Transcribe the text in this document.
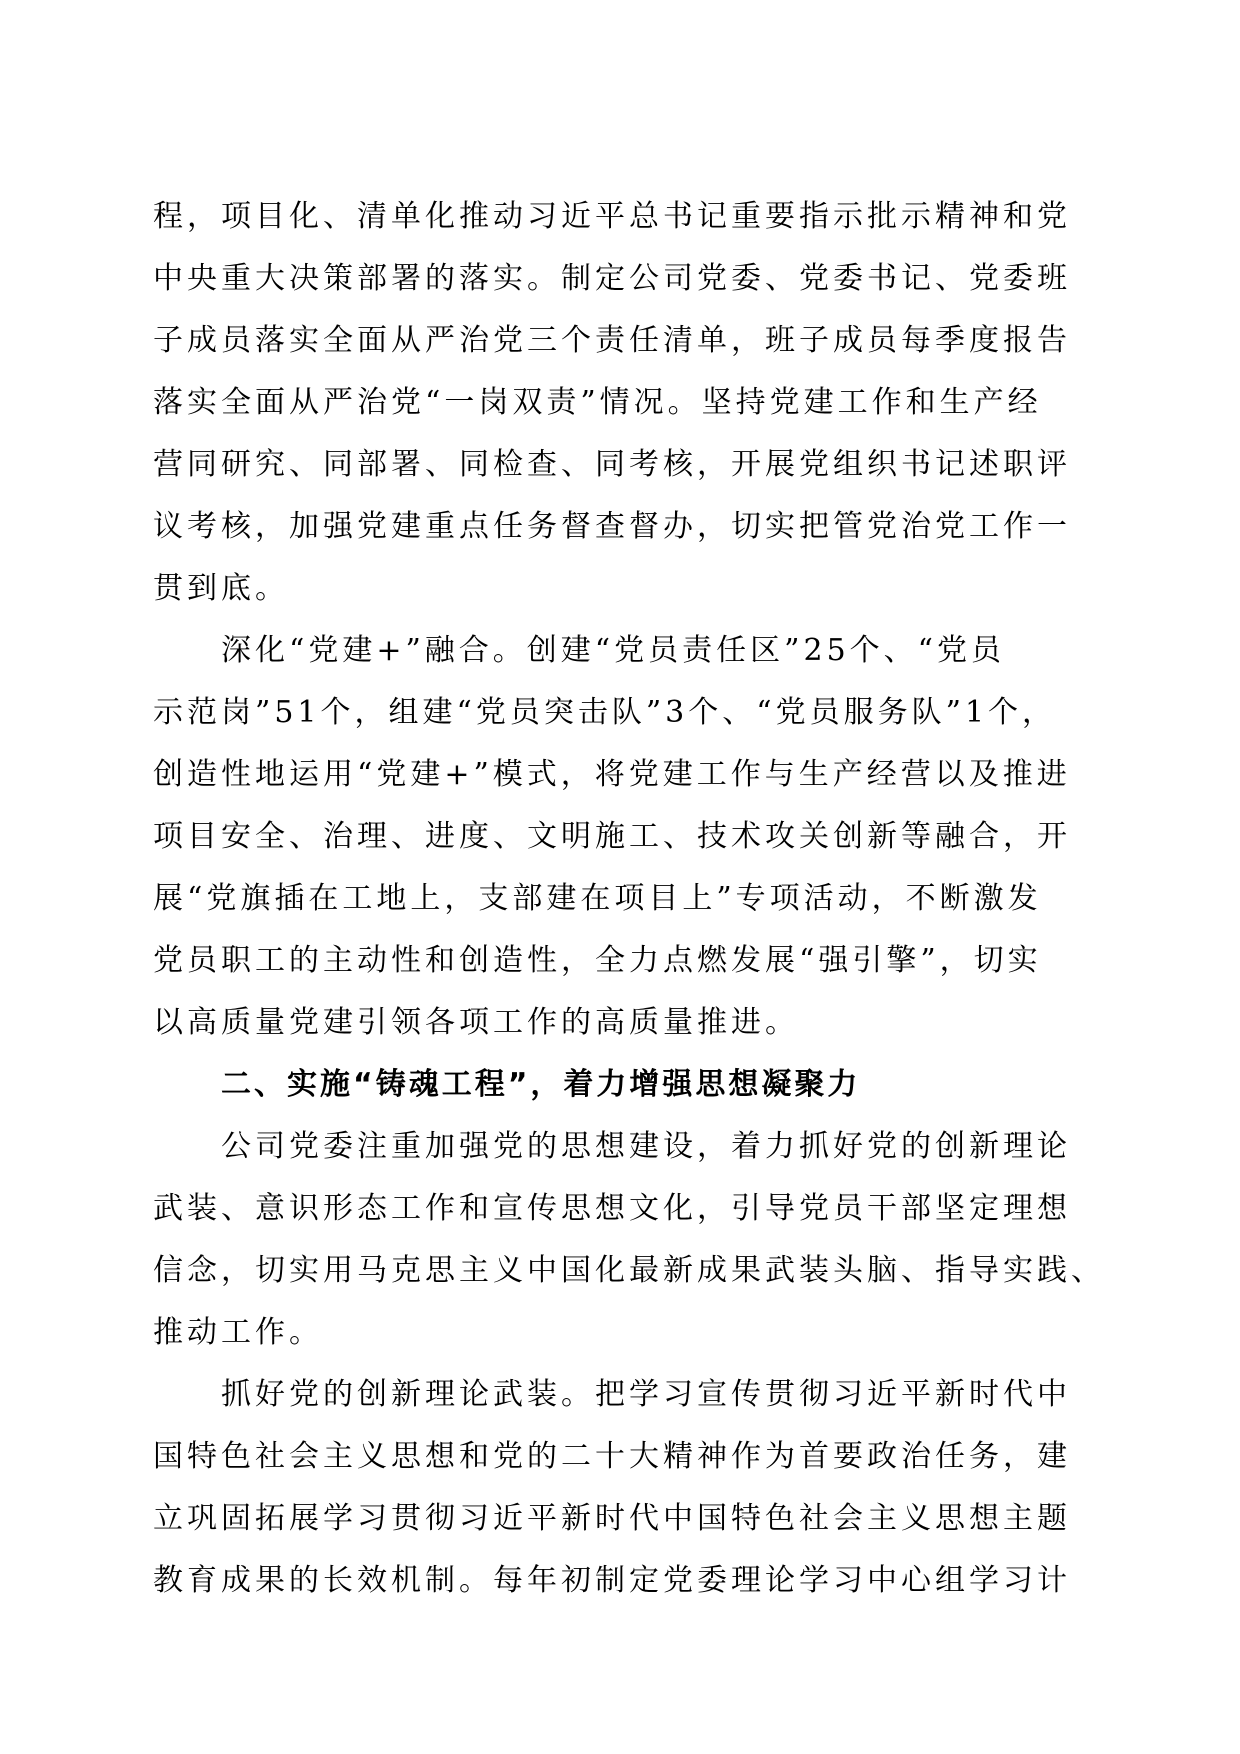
程，项目化、清单化推动习近平总书记重要指示批示精神和党
中央重大决策部署的落实。制定公司党委、党委书记、党委班
子成员落实全面从严治党三个责任清单，班子成员每季度报告
落实全面从严治党“一岗双责”情况。坚持党建工作和生产经
营同研究、同部署、同检查、同考核，开展党组织书记述职评
议考核，加强党建重点任务督查督办，切实把管党治党工作一
贯到底。
深化“党建+”融合。创建“党员责任区”25个、“党员
示范岗”51个，组建“党员突击队”3个、“党员服务队”1个，
创造性地运用“党建+”模式，将党建工作与生产经营以及推进
项目安全、治理、进度、文明施工、技术攻关创新等融合，开
展“党旗插在工地上，支部建在项目上”专项活动，不断激发
党员职工的主动性和创造性，全力点燃发展“强引擎”，切实
以高质量党建引领各项工作的高质量推进。
二、实施“铸魂工程”，着力增强思想凝聚力
公司党委注重加强党的思想建设，着力抓好党的创新理论
武装、意识形态工作和宣传思想文化，引导党员干部坚定理想
信念，切实用马克思主义中国化最新成果武装头脑、指导实践、
推动工作。
抓好党的创新理论武装。把学习宣传贯彻习近平新时代中
国特色社会主义思想和党的二十大精神作为首要政治任务，建
立巩固拓展学习贯彻习近平新时代中国特色社会主义思想主题
教育成果的长效机制。每年初制定党委理论学习中心组学习计
